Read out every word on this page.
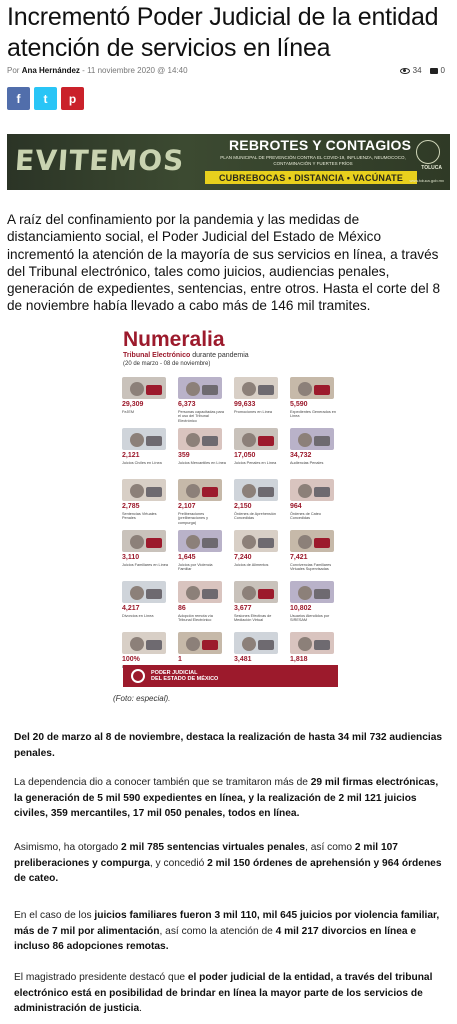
Incrementó Poder Judicial de la entidad atención de servicios en línea
Por Ana Hernández - 11 noviembre 2020 @ 14:40	34 0
f t p
EVITEMOS	REBROTES Y CONTAGIOS
PLAN MUNICIPAL DE PREVENCIÓN CONTRA EL COVID-19, INFLUENZA, NEUMOCOCO, CONTAMINACIÓN Y FUERTES FRÍOS
CUBREBOCAS • DISTANCIA • VACÚNATE
TOLUCA
www.toluca.gob.mx

A raíz del confinamiento por la pandemia y las medidas de distanciamiento social, el Poder Judicial del Estado de México incrementó la atención de la mayoría de sus servicios en línea, a través del Tribunal electrónico, tales como juicios, audiencias penales, generación de expedientes, sentencias, entre otros. Hasta el corte del 8 de noviembre había llevado a cabo más de 146 mil tramites.

Numeralia
Tribunal Electrónico durante pandemia
(20 de marzo - 08 de noviembre)
29,309
FeJEM
6,373
Personas capacitadas para el uso del Tribunal Electrónico
99,633
Promociones en Línea
5,590
Expedientes Generados en Línea
2,121
Juicios Civiles en Línea
359
Juicios Mercantiles en Línea
17,050
Juicios Penales en Línea
34,732
Audiencias Penales
2,785
Sentencias Virtuales Penales
2,107
Preliberaciones (preliberaciones y compurga)
2,150
Órdenes de Aprehensión Concedidas
964
Órdenes de Cateo Concedidas
3,110
Juicios Familiares en Línea
1,645
Juicios por Violencia Familiar
7,240
Juicios de Alimentos
7,421
Convivencias Familiares Virtuales Supervisadas
4,217
Divorcios en Línea
86
Adopción remota vía Tribunal Electrónico
3,677
Sesiones Efectivas de Mediación Virtual
10,802
Usuarios Atendidos por SIRESAM
100%	1	3,481	1,818
PODER JUDICIAL
DEL ESTADO DE MÉXICO
(Foto: especial).

Del 20 de marzo al 8 de noviembre, destaca la realización de hasta 34 mil 732 audiencias penales.

La dependencia dio a conocer también que se tramitaron más de 29 mil firmas electrónicas, la generación de 5 mil 590 expedientes en línea, y la realización de 2 mil 121 juicios civiles, 359 mercantiles, 17 mil 050 penales, todos en línea.

Asimismo, ha otorgado 2 mil 785 sentencias virtuales penales, así como 2 mil 107 preliberaciones y compurga, y concedió 2 mil 150 órdenes de aprehensión y 964 órdenes de cateo.

En el caso de los juicios familiares fueron 3 mil 110, mil 645 juicios por violencia familiar, más de 7 mil por alimentación, así como la atención de 4 mil 217 divorcios en línea e incluso 86 adopciones remotas.

El magistrado presidente destacó que el poder judicial de la entidad, a través del tribunal electrónico está en posibilidad de brindar en línea la mayor parte de los servicios de administración de justicia.
